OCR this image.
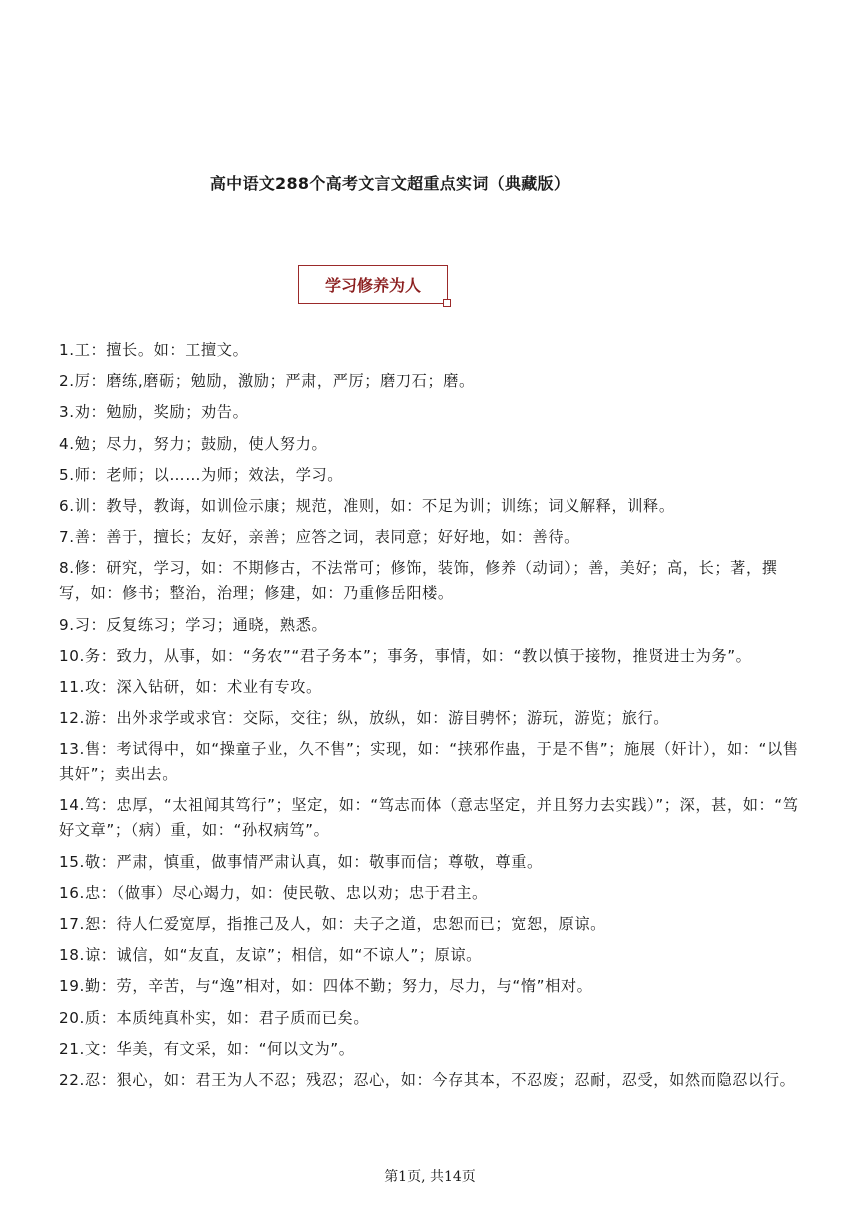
高中语文288个高考文言文超重点实词（典藏版）
学习修养为人
1.工：擅长。如：工擅文。
2.厉：磨练,磨砺；勉励，激励；严肃，严厉；磨刀石；磨。
3.劝：勉励，奖励；劝告。
4.勉；尽力，努力；鼓励，使人努力。
5.师：老师；以……为师；效法，学习。
6.训：教导，教诲，如训俭示康；规范，准则，如：不足为训；训练；词义解释，训释。
7.善：善于，擅长；友好，亲善；应答之词，表同意；好好地，如：善待。
8.修：研究，学习，如：不期修古，不法常可；修饰，装饰，修养（动词）；善，美好；高，长；著，撰写，如：修书；整治，治理；修建，如：乃重修岳阳楼。
9.习：反复练习；学习；通晓，熟悉。
10.务：致力，从事，如：“务农”“君子务本”；事务，事情，如：“教以慎于接物，推贤进士为务”。
11.攻：深入钻研，如：术业有专攻。
12.游：出外求学或求官：交际，交往；纵，放纵，如：游目骋怀；游玩，游览；旅行。
13.售：考试得中，如“操童子业，久不售”；实现，如：“挟邪作蛊，于是不售”；施展（奸计），如：“以售其奸”；卖出去。
14.笃：忠厚，“太祖闻其笃行”；坚定，如：“笃志而体（意志坚定，并且努力去实践）”；深，甚，如：“笃好文章”；（病）重，如：“孙权病笃”。
15.敬：严肃，慎重，做事情严肃认真，如：敬事而信；尊敬，尊重。
16.忠：（做事）尽心竭力，如：使民敬、忠以劝；忠于君主。
17.恕：待人仁爱宽厚，指推己及人，如：夫子之道，忠恕而已；宽恕，原谅。
18.谅：诚信，如“友直，友谅”；相信，如“不谅人”；原谅。
19.勤：劳，辛苦，与“逸”相对，如：四体不勤；努力，尽力，与“惰”相对。
20.质：本质纯真朴实，如：君子质而已矣。
21.文：华美，有文采，如：“何以文为”。
22.忍：狠心，如：君王为人不忍；残忍；忍心，如：今存其本，不忍废；忍耐，忍受，如然而隐忍以行。
第1页, 共14页
